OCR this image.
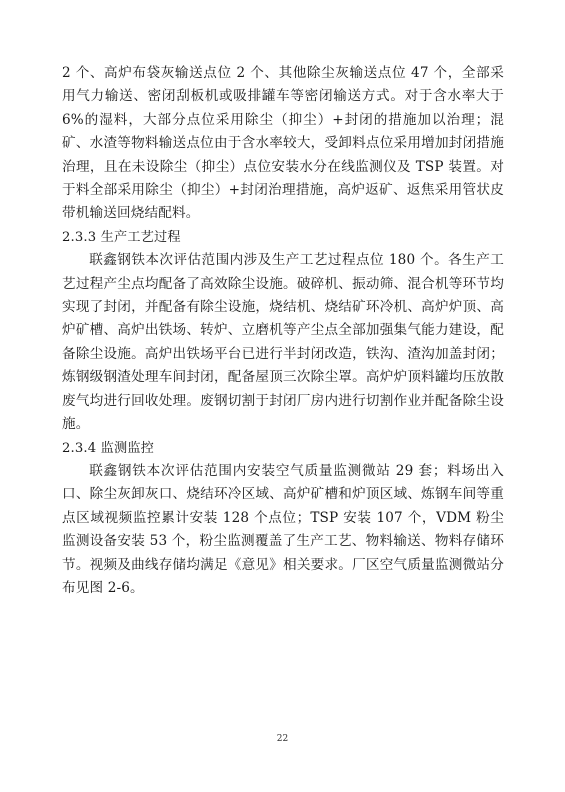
2 个、高炉布袋灰输送点位 2 个、其他除尘灰输送点位 47 个，全部采用气力输送、密闭刮板机或吸排罐车等密闭输送方式。对于含水率大于 6%的湿料，大部分点位采用除尘（抑尘）+封闭的措施加以治理；混矿、水渣等物料输送点位由于含水率较大，受卸料点位采用增加封闭措施治理，且在未设除尘（抑尘）点位安装水分在线监测仪及 TSP 装置。对于料全部采用除尘（抑尘）+封闭治理措施，高炉返矿、返焦采用管状皮带机输送回烧结配料。

2.3.3 生产工艺过程

联鑫钢铁本次评估范围内涉及生产工艺过程点位 180 个。各生产工艺过程产尘点均配备了高效除尘设施。破碎机、振动筛、混合机等环节均实现了封闭，并配备有除尘设施，烧结机、烧结矿环冷机、高炉炉顶、高炉矿槽、高炉出铁场、转炉、立磨机等产尘点全部加强集气能力建设，配备除尘设施。高炉出铁场平台已进行半封闭改造，铁沟、渣沟加盖封闭；炼钢级钢渣处理车间封闭，配备屋顶三次除尘罩。高炉炉顶料罐均压放散废气均进行回收处理。废钢切割于封闭厂房内进行切割作业并配备除尘设施。

2.3.4 监测监控

联鑫钢铁本次评估范围内安装空气质量监测微站 29 套；料场出入口、除尘灰卸灰口、烧结环冷区域、高炉矿槽和炉顶区域、炼钢车间等重点区域视频监控累计安装 128 个点位；TSP 安装 107 个，VDM 粉尘监测设备安装 53 个，粉尘监测覆盖了生产工艺、物料输送、物料存储环节。视频及曲线存储均满足《意见》相关要求。厂区空气质量监测微站分布见图 2-6。

22
